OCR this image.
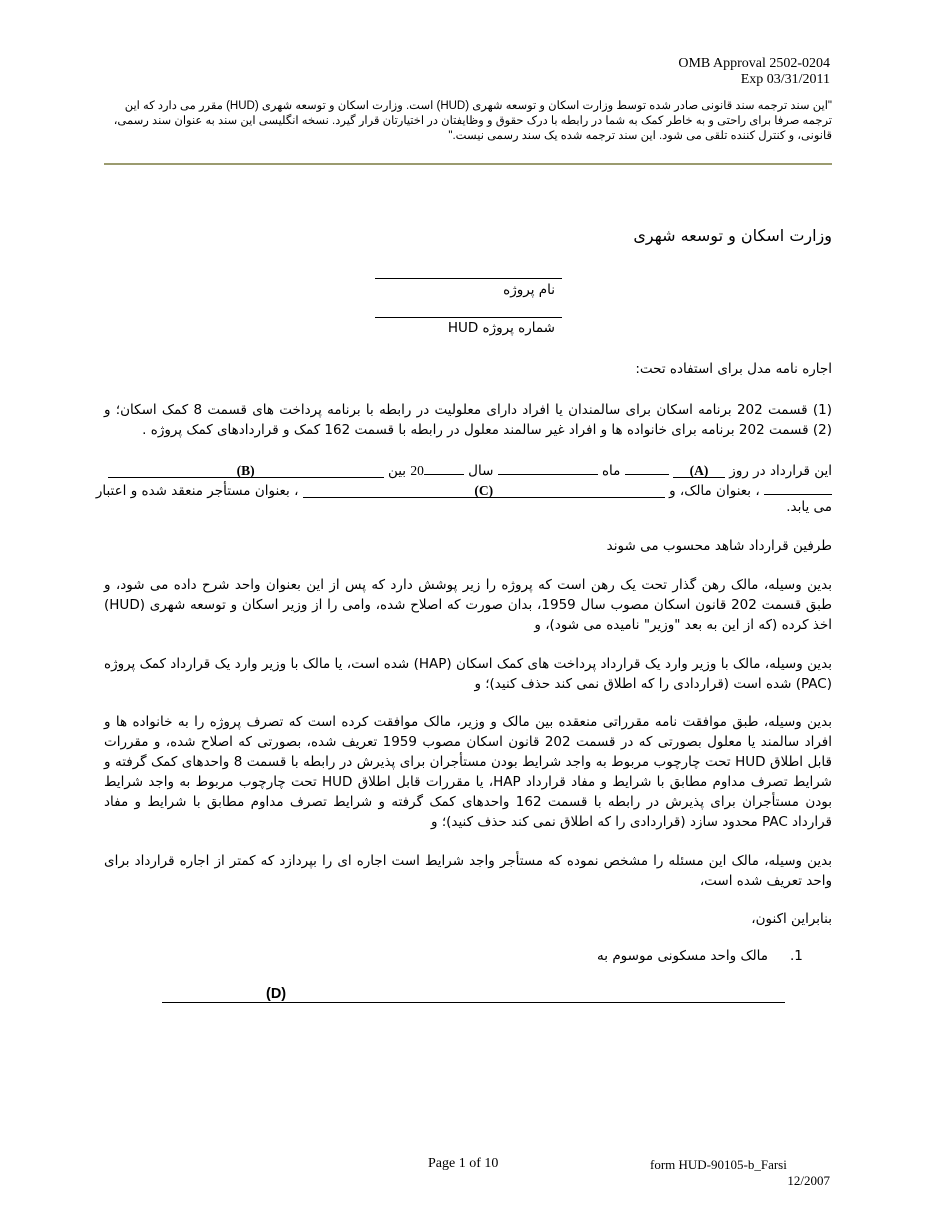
OMB Approval 2502-0204
Exp 03/31/2011
"این سند ترجمه سند قانونی صادر شده توسط وزارت اسکان و توسعه شهری (HUD) است. وزارت اسکان و توسعه شهری (HUD) مقرر می دارد که این ترجمه صرفا برای راحتی و به خاطر کمک به شما در رابطه با درک حقوق و وظایفتان در اختیارتان قرار گیرد. نسخه انگلیسی این سند به عنوان سند رسمی، قانونی، و کنترل کننده تلقی می شود. این سند ترجمه شده یک سند رسمی نیست."
وزارت اسکان و توسعه شهری
نام پروژه
شماره پروژه HUD
اجاره نامه مدل برای استفاده تحت:
(1) قسمت 202 برنامه اسکان برای سالمندان یا افراد دارای معلولیت در رابطه با برنامه پرداخت های قسمت 8 کمک اسکان؛ و (2) قسمت 202 برنامه برای خانواده ها و افراد غیر سالمند معلول در رابطه با قسمت 162 کمک و قراردادهای کمک پروژه .
این قرارداد در روز (A)  ماه  سال 20 بین (B)
، بعنوان مالک، و (C) ، بعنوان مستأجر منعقد شده و اعتبار
می یابد.
طرفین قرارداد شاهد محسوب می شوند
بدین وسیله، مالک رهن گذار تحت یک رهن است که پروژه را زیر پوشش دارد که پس از این بعنوان واحد شرح داده می شود، و طبق قسمت 202 قانون اسکان مصوب سال 1959، بدان صورت که اصلاح شده، وامی را از وزیر اسکان و توسعه شهری (HUD) اخذ کرده (که از این به بعد "وزیر" نامیده می شود)، و
بدین وسیله، مالک با وزیر وارد یک قرارداد پرداخت های کمک اسکان (HAP) شده است، یا مالک با وزیر وارد یک قرارداد کمک پروژه (PAC) شده است (قراردادی را که اطلاق نمی کند حذف کنید)؛ و
بدین وسیله، طبق موافقت نامه مقرراتی منعقده بین مالک و وزیر، مالک موافقت کرده است که تصرف پروژه را به خانواده ها و افراد سالمند یا معلول بصورتی که در قسمت 202 قانون اسکان مصوب 1959 تعریف شده، بصورتی که اصلاح شده، و مقررات قابل اطلاق HUD تحت چارچوب مربوط به واجد شرایط بودن مستأجران برای پذیرش در رابطه با قسمت 8 واحدهای کمک گرفته و شرایط تصرف مداوم مطابق با شرایط و مفاد قرارداد HAP، یا مقررات قابل اطلاق HUD تحت چارچوب مربوط به واجد شرایط بودن مستأجران برای پذیرش در رابطه با قسمت 162 واحدهای کمک گرفته و شرایط تصرف مداوم مطابق با شرایط و مفاد قرارداد PAC محدود سازد (قراردادی را که اطلاق نمی کند حذف کنید)؛ و
بدین وسیله، مالک این مسئله را مشخص نموده که مستأجر واجد شرایط است اجاره ای را بپردازد که کمتر از اجاره قرارداد برای واحد تعریف شده است،
بنابراین اکنون،
.1
مالک واحد مسکونی موسوم به
(D)
Page 1 of 10	form HUD-90105-b_Farsi
12/2007
